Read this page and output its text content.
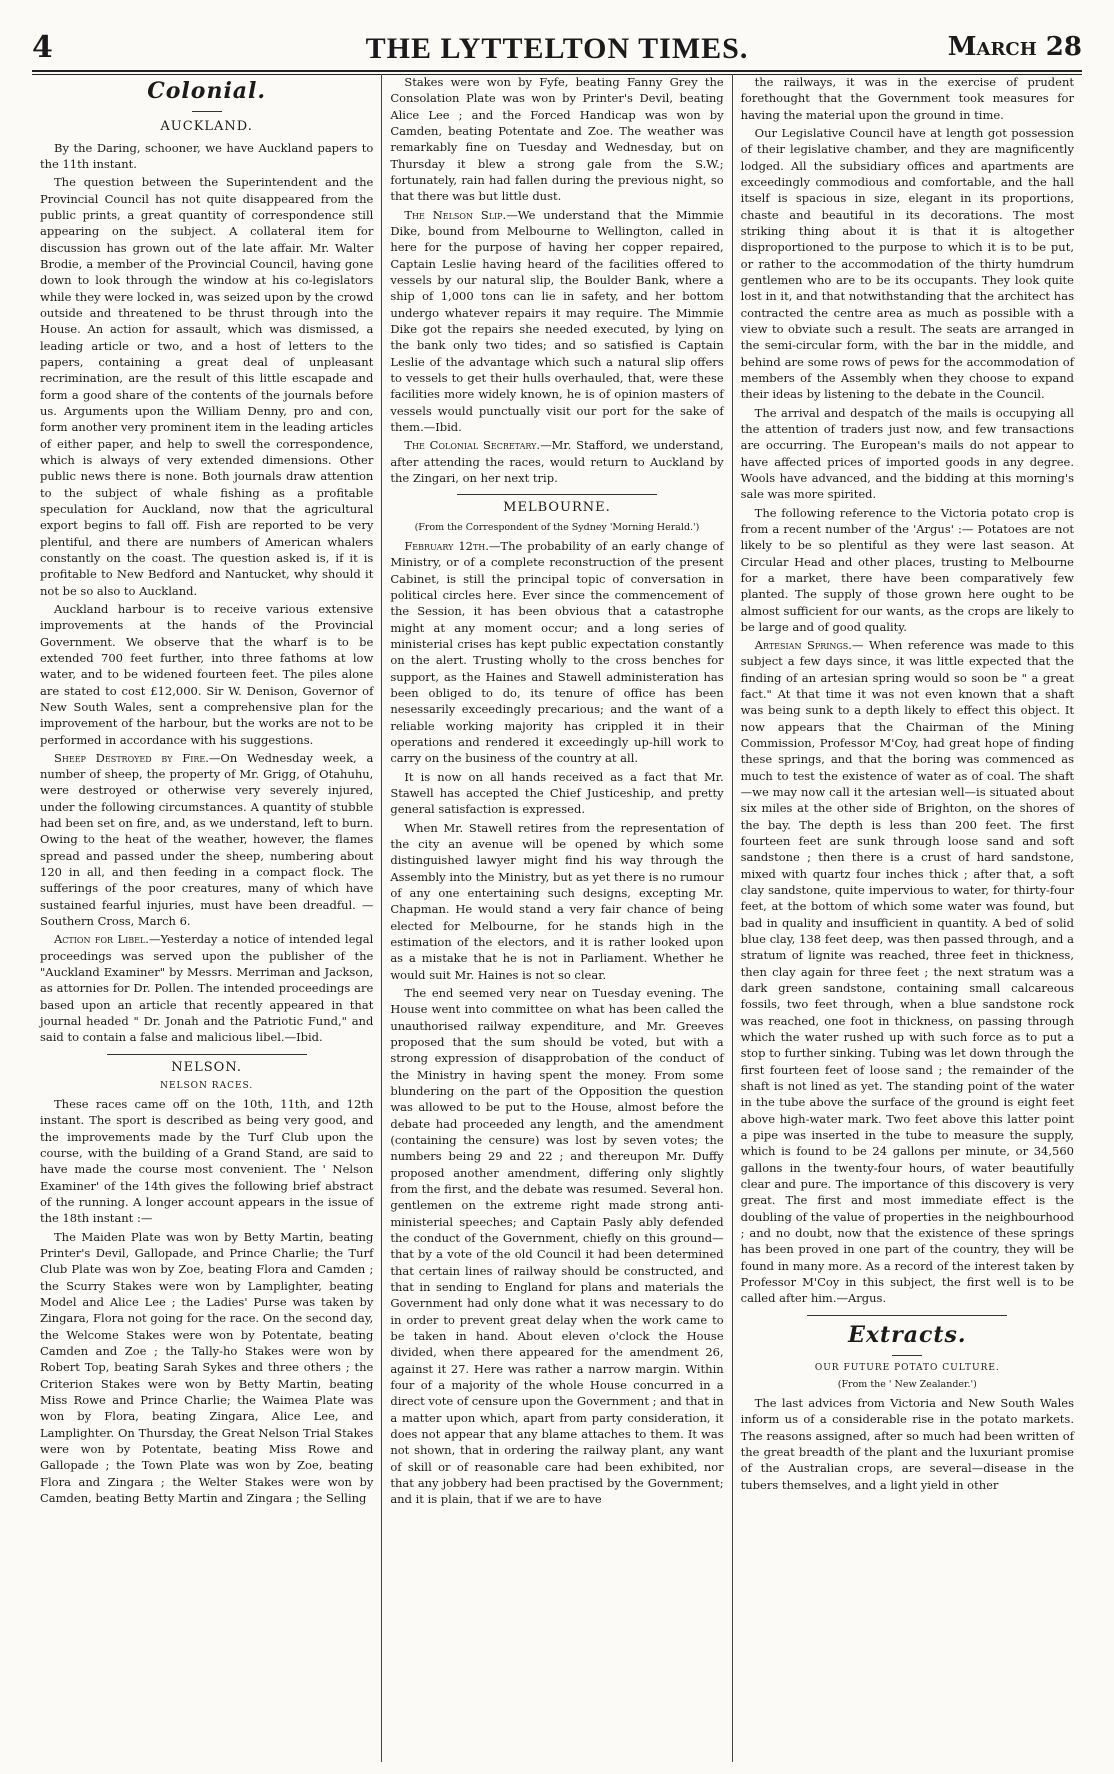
4	THE LYTTELTON TIMES.	March 28
Colonial.
AUCKLAND.

By the Daring, schooner, we have Auckland papers to the 11th instant.

The question between the Superintendent and the Provincial Council has not quite disappeared from the public prints, a great quantity of correspondence still appearing on the subject. A collateral item for discussion has grown out of the late affair. Mr. Walter Brodie, a member of the Provincial Council, having gone down to look through the window at his co-legislators while they were locked in, was seized upon by the crowd outside and threatened to be thrust through into the House. An action for assault, which was dismissed, a leading article or two, and a host of letters to the papers, containing a great deal of unpleasant recrimination, are the result of this little escapade and form a good share of the contents of the journals before us. Arguments upon the William Denny, pro and con, form another very prominent item in the leading articles of either paper, and help to swell the correspondence, which is always of very extended dimensions. Other public news there is none. Both journals draw attention to the subject of whale fishing as a profitable speculation for Auckland, now that the agricultural export begins to fall off. Fish are reported to be very plentiful, and there are numbers of American whalers constantly on the coast. The question asked is, if it is profitable to New Bedford and Nantucket, why should it not be so also to Auckland.

Auckland harbour is to receive various extensive improvements at the hands of the Provincial Government. We observe that the wharf is to be extended 700 feet further, into three fathoms at low water, and to be widened fourteen feet. The piles alone are stated to cost £12,000. Sir W. Denison, Governor of New South Wales, sent a comprehensive plan for the improvement of the harbour, but the works are not to be performed in accordance with his suggestions.

Sheep Destroyed by Fire.—On Wednesday week, a number of sheep, the property of Mr. Grigg, of Otahuhu, were destroyed or otherwise very severely injured, under the following circumstances. A quantity of stubble had been set on fire, and, as we understand, left to burn. Owing to the heat of the weather, however, the flames spread and passed under the sheep, numbering about 120 in all, and then feeding in a compact flock. The sufferings of the poor creatures, many of which have sustained fearful injuries, must have been dreadful. —Southern Cross, March 6.

Action for Libel.—Yesterday a notice of intended legal proceedings was served upon the publisher of the "Auckland Examiner" by Messrs. Merriman and Jackson, as attornies for Dr. Pollen. The intended proceedings are based upon an article that recently appeared in that journal headed " Dr. Jonah and the Patriotic Fund," and said to contain a false and malicious libel.—Ibid.

NELSON.
NELSON RACES.

These races came off on the 10th, 11th, and 12th instant. The sport is described as being very good, and the improvements made by the Turf Club upon the course, with the building of a Grand Stand, are said to have made the course most convenient. The ' Nelson Examiner' of the 14th gives the following brief abstract of the running. A longer account appears in the issue of the 18th instant :—

The Maiden Plate was won by Betty Martin, beating Printer's Devil, Gallopade, and Prince Charlie; the Turf Club Plate was won by Zoe, beating Flora and Camden ; the Scurry Stakes were won by Lamplighter, beating Model and Alice Lee ; the Ladies' Purse was taken by Zingara, Flora not going for the race. On the second day, the Welcome Stakes were won by Potentate, beating Camden and Zoe ; the Tally-ho Stakes were won by Robert Top, beating Sarah Sykes and three others ; the Criterion Stakes were won by Betty Martin, beating Miss Rowe and Prince Charlie; the Waimea Plate was won by Flora, beating Zingara, Alice Lee, and Lamplighter. On Thursday, the Great Nelson Trial Stakes were won by Potentate, beating Miss Rowe and Gallopade ; the Town Plate was won by Zoe, beating Flora and Zingara ; the Welter Stakes were won by Camden, beating Betty Martin and Zingara ; the Selling

Stakes were won by Fyfe, beating Fanny Grey the Consolation Plate was won by Printer's Devil, beating Alice Lee ; and the Forced Handicap was won by Camden, beating Potentate and Zoe. The weather was remarkably fine on Tuesday and Wednesday, but on Thursday it blew a strong gale from the S.W.; fortunately, rain had fallen during the previous night, so that there was but little dust.

The Nelson Slip.—We understand that the Mimmie Dike, bound from Melbourne to Wellington, called in here for the purpose of having her copper repaired, Captain Leslie having heard of the facilities offered to vessels by our natural slip, the Boulder Bank, where a ship of 1,000 tons can lie in safety, and her bottom undergo whatever repairs it may require. The Mimmie Dike got the repairs she needed executed, by lying on the bank only two tides; and so satisfied is Captain Leslie of the advantage which such a natural slip offers to vessels to get their hulls overhauled, that, were these facilities more widely known, he is of opinion masters of vessels would punctually visit our port for the sake of them.—Ibid.

The Colonial Secretary.—Mr. Stafford, we understand, after attending the races, would return to Auckland by the Zingari, on her next trip.

MELBOURNE.
(From the Correspondent of the Sydney 'Morning Herald.')

February 12th.—The probability of an early change of Ministry, or of a complete reconstruction of the present Cabinet, is still the principal topic of conversation in political circles here. Ever since the commencement of the Session, it has been obvious that a catastrophe might at any moment occur; and a long series of ministerial crises has kept public expectation constantly on the alert. Trusting wholly to the cross benches for support, as the Haines and Stawell administeration has been obliged to do, its tenure of office has been nesessarily exceedingly precarious; and the want of a reliable working majority has crippled it in their operations and rendered it exceedingly up-hill work to carry on the business of the country at all.

It is now on all hands received as a fact that Mr. Stawell has accepted the Chief Justiceship, and pretty general satisfaction is expressed.

When Mr. Stawell retires from the representation of the city an avenue will be opened by which some distinguished lawyer might find his way through the Assembly into the Ministry, but as yet there is no rumour of any one entertaining such designs, excepting Mr. Chapman. He would stand a very fair chance of being elected for Melbourne, for he stands high in the estimation of the electors, and it is rather looked upon as a mistake that he is not in Parliament. Whether he would suit Mr. Haines is not so clear.

The end seemed very near on Tuesday evening. The House went into committee on what has been called the unauthorised railway expenditure, and Mr. Greeves proposed that the sum should be voted, but with a strong expression of disapprobation of the conduct of the Ministry in having spent the money. From some blundering on the part of the Opposition the question was allowed to be put to the House, almost before the debate had proceeded any length, and the amendment (containing the censure) was lost by seven votes; the numbers being 29 and 22 ; and thereupon Mr. Duffy proposed another amendment, differing only slightly from the first, and the debate was resumed. Several hon. gentlemen on the extreme right made strong anti-ministerial speeches; and Captain Pasly ably defended the conduct of the Government, chiefly on this ground—that by a vote of the old Council it had been determined that certain lines of railway should be constructed, and that in sending to England for plans and materials the Government had only done what it was necessary to do in order to prevent great delay when the work came to be taken in hand. About eleven o'clock the House divided, when there appeared for the amendment 26, against it 27. Here was rather a narrow margin. Within four of a majority of the whole House concurred in a direct vote of censure upon the Government ; and that in a matter upon which, apart from party consideration, it does not appear that any blame attaches to them. It was not shown, that in ordering the railway plant, any want of skill or of reasonable care had been exhibited, nor that any jobbery had been practised by the Government; and it is plain, that if we are to have

the railways, it was in the exercise of prudent forethought that the Government took measures for having the material upon the ground in time.

Our Legislative Council have at length got possession of their legislative chamber, and they are magnificently lodged. All the subsidiary offices and apartments are exceedingly commodious and comfortable, and the hall itself is spacious in size, elegant in its proportions, chaste and beautiful in its decorations. The most striking thing about it is that it is altogether disproportioned to the purpose to which it is to be put, or rather to the accommodation of the thirty humdrum gentlemen who are to be its occupants. They look quite lost in it, and that notwithstanding that the architect has contracted the centre area as much as possible with a view to obviate such a result. The seats are arranged in the semi-circular form, with the bar in the middle, and behind are some rows of pews for the accommodation of members of the Assembly when they choose to expand their ideas by listening to the debate in the Council.

The arrival and despatch of the mails is occupying all the attention of traders just now, and few transactions are occurring. The European's mails do not appear to have affected prices of imported goods in any degree. Wools have advanced, and the bidding at this morning's sale was more spirited.

The following reference to the Victoria potato crop is from a recent number of the 'Argus' :— Potatoes are not likely to be so plentiful as they were last season. At Circular Head and other places, trusting to Melbourne for a market, there have been comparatively few planted. The supply of those grown here ought to be almost sufficient for our wants, as the crops are likely to be large and of good quality.

Artesian Springs.— When reference was made to this subject a few days since, it was little expected that the finding of an artesian spring would so soon be " a great fact." At that time it was not even known that a shaft was being sunk to a depth likely to effect this object. It now appears that the Chairman of the Mining Commission, Professor M'Coy, had great hope of finding these springs, and that the boring was commenced as much to test the existence of water as of coal. The shaft—we may now call it the artesian well—is situated about six miles at the other side of Brighton, on the shores of the bay. The depth is less than 200 feet. The first fourteen feet are sunk through loose sand and soft sandstone ; then there is a crust of hard sandstone, mixed with quartz four inches thick ; after that, a soft clay sandstone, quite impervious to water, for thirty-four feet, at the bottom of which some water was found, but bad in quality and insufficient in quantity. A bed of solid blue clay, 138 feet deep, was then passed through, and a stratum of lignite was reached, three feet in thickness, then clay again for three feet ; the next stratum was a dark green sandstone, containing small calcareous fossils, two feet through, when a blue sandstone rock was reached, one foot in thickness, on passing through which the water rushed up with such force as to put a stop to further sinking. Tubing was let down through the first fourteen feet of loose sand ; the remainder of the shaft is not lined as yet. The standing point of the water in the tube above the surface of the ground is eight feet above high-water mark. Two feet above this latter point a pipe was inserted in the tube to measure the supply, which is found to be 24 gallons per minute, or 34,560 gallons in the twenty-four hours, of water beautifully clear and pure. The importance of this discovery is very great. The first and most immediate effect is the doubling of the value of properties in the neighbourhood ; and no doubt, now that the existence of these springs has been proved in one part of the country, they will be found in many more. As a record of the interest taken by Professor M'Coy in this subject, the first well is to be called after him.—Argus.

Extracts.
OUR FUTURE POTATO CULTURE.
(From the ' New Zealander.')

The last advices from Victoria and New South Wales inform us of a considerable rise in the potato markets. The reasons assigned, after so much had been written of the great breadth of the plant and the luxuriant promise of the Australian crops, are several—disease in the tubers themselves, and a light yield in other
